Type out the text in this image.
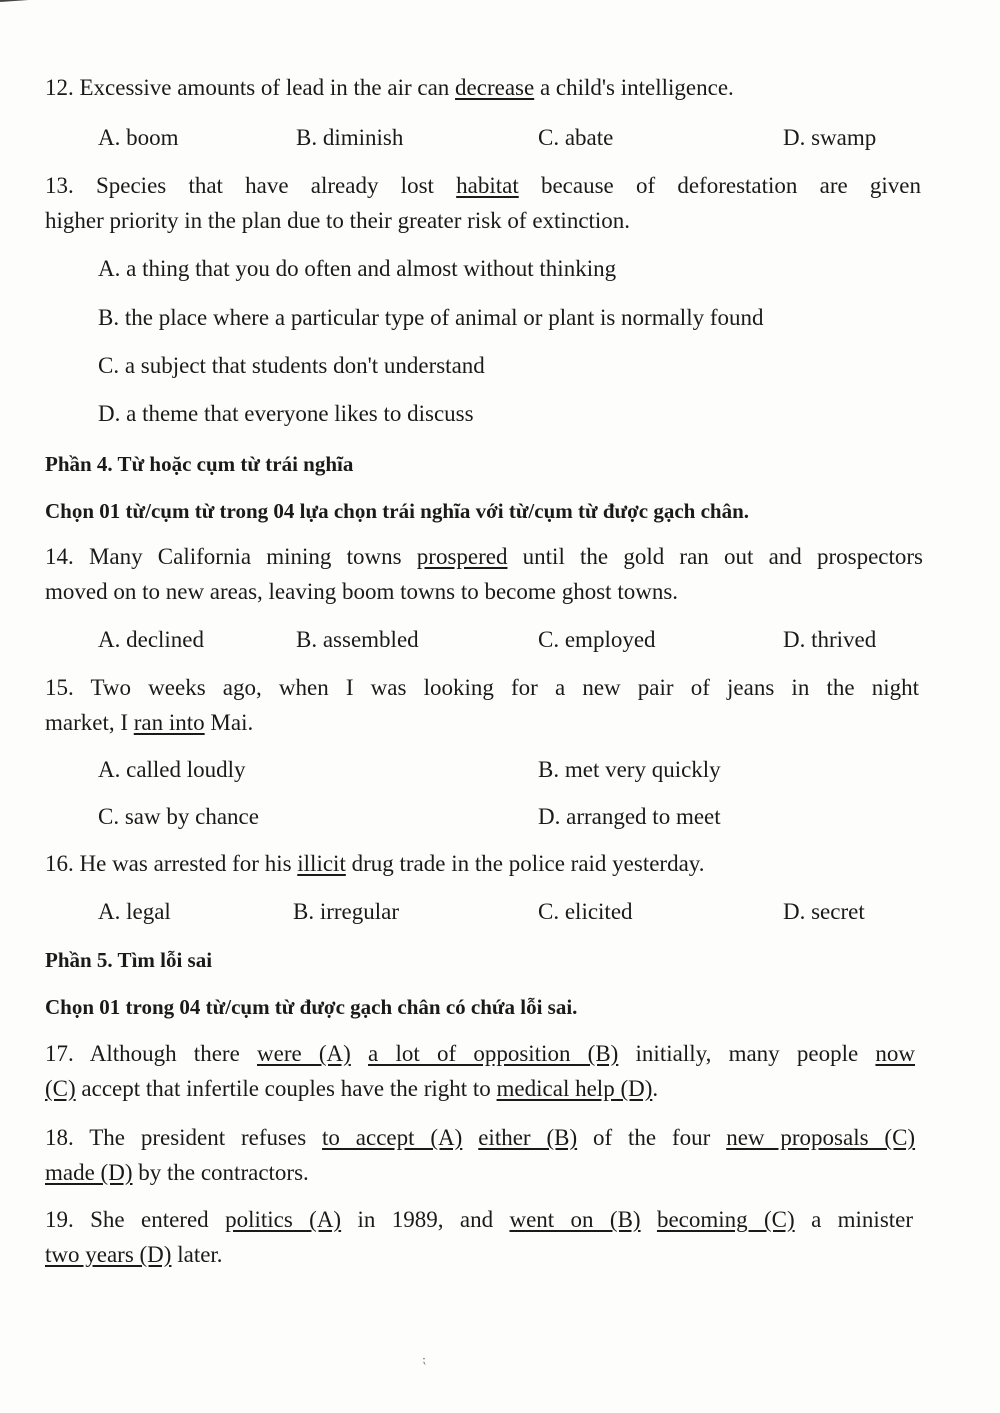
12. Excessive amounts of lead in the air can decrease a child's intelligence.
A. boom	B. diminish	C. abate	D. swamp
13. Species that have already lost habitat because of deforestation are given
higher priority in the plan due to their greater risk of extinction.
A. a thing that you do often and almost without thinking
B. the place where a particular type of animal or plant is normally found
C. a subject that students don't understand
D. a theme that everyone likes to discuss
Phần 4. Từ hoặc cụm từ trái nghĩa
Chọn 01 từ/cụm từ trong 04 lựa chọn trái nghĩa với từ/cụm từ được gạch chân.
14. Many California mining towns prospered until the gold ran out and prospectors
moved on to new areas, leaving boom towns to become ghost towns.
A. declined	B. assembled	C. employed	D. thrived
15. Two weeks ago, when I was looking for a new pair of jeans in the night
market, I ran into Mai.
A. called loudly	B. met very quickly
C. saw by chance	D. arranged to meet
16. He was arrested for his illicit drug trade in the police raid yesterday.
A. legal	B. irregular	C. elicited	D. secret
Phần 5. Tìm lỗi sai
Chọn 01 trong 04 từ/cụm từ được gạch chân có chứa lỗi sai.
17. Although there were (A) a lot of opposition (B) initially, many people now
(C) accept that infertile couples have the right to medical help (D).
18. The president refuses to accept (A) either (B) of the four new proposals (C)
made (D) by the contractors.
19. She entered politics (A) in 1989, and went on (B) becoming (C) a minister
two years (D) later.
⁏
